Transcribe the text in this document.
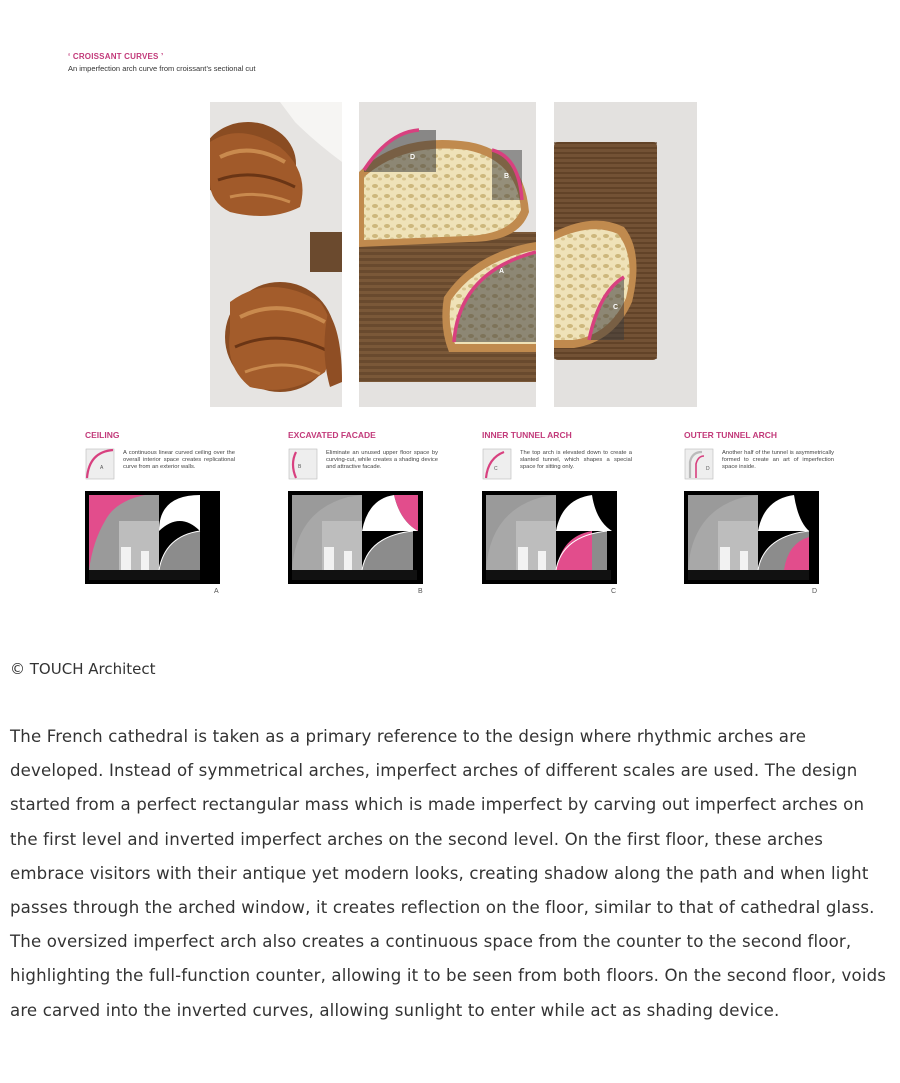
‘ CROISSANT CURVES ’
An imperfection arch curve from croissant’s sectional cut
D
B
A
C
CEILING
A
A continuous linear curved ceiling over the overall interior space creates replicational curve from an exterior walls.
A
EXCAVATED FACADE
B
Eliminate an unused upper floor space by curving-cut, while creates a shading device and attractive facade.
B
INNER TUNNEL ARCH
C
The top arch is elevated down to create a slanted tunnel, which shapes a special space for sitting only.
C
OUTER TUNNEL ARCH
D
Another half of the tunnel is asymmetrically formed to create an art of imperfection space inside.
D
© TOUCH Architect

The French cathedral is taken as a primary reference to the design where rhythmic arches are developed. Instead of symmetrical arches, imperfect arches of different scales are used. The design started from a perfect rectangular mass which is made imperfect by carving out imperfect arches on the first level and inverted imperfect arches on the second level. On the first floor, these arches embrace visitors with their antique yet modern looks, creating shadow along the path and when light passes through the arched window, it creates reflection on the floor, similar to that of cathedral glass. The oversized imperfect arch also creates a continuous space from the counter to the second floor, highlighting the full-function counter, allowing it to be seen from both floors. On the second floor, voids are carved into the inverted curves, allowing sunlight to enter while act as shading device.
